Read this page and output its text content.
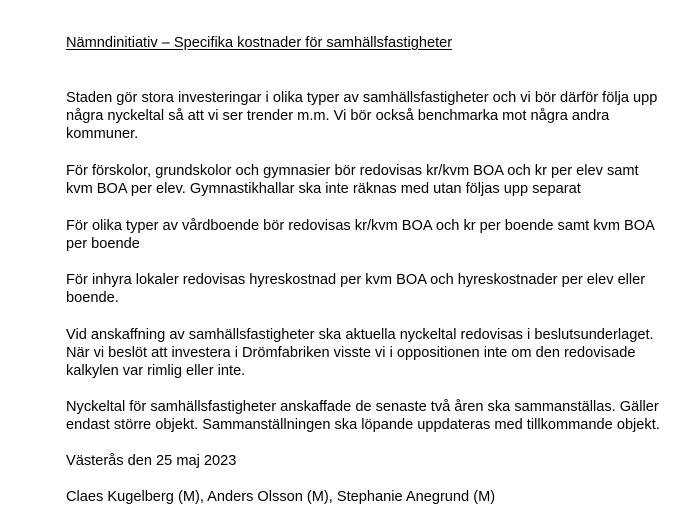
Nämndinitiativ – Specifika kostnader för samhällsfastigheter
Staden gör stora investeringar i olika typer av samhällsfastigheter och vi bör därför följa upp
några nyckeltal så att vi ser trender m.m. Vi bör också benchmarka mot några andra
kommuner.
För förskolor, grundskolor och gymnasier bör redovisas kr/kvm BOA och kr per elev samt
kvm BOA per elev. Gymnastikhallar ska inte räknas med utan följas upp separat
För olika typer av vårdboende bör redovisas kr/kvm BOA och kr per boende samt kvm BOA
per boende
För inhyra lokaler redovisas hyreskostnad per kvm BOA och hyreskostnader per elev eller
boende.
Vid anskaffning av samhällsfastigheter ska aktuella nyckeltal redovisas i beslutsunderlaget.
När vi beslöt att investera i Drömfabriken visste vi i oppositionen inte om den redovisade
kalkylen var rimlig eller inte.
Nyckeltal för samhällsfastigheter anskaffade de senaste två åren ska sammanställas. Gäller
endast större objekt. Sammanställningen ska löpande uppdateras med tillkommande objekt.
Västerås den 25 maj 2023
Claes Kugelberg (M), Anders Olsson (M), Stephanie Anegrund (M)
